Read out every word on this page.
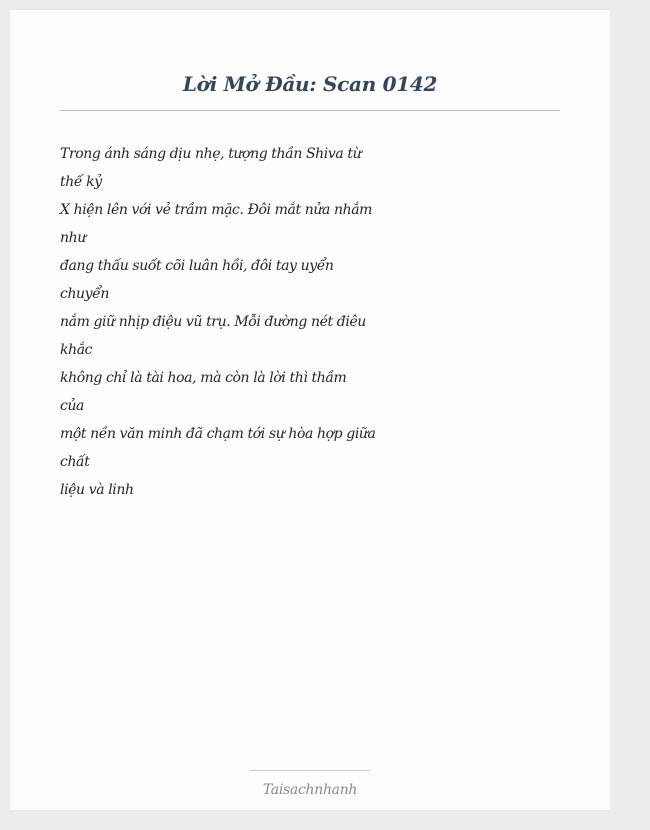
Lời Mở Đầu: Scan 0142
Trong ánh sáng dịu nhẹ, tượng thần Shiva từ
thế kỷ
X hiện lên với vẻ trầm mặc. Đôi mắt nửa nhắm
như
đang thấu suốt cõi luân hồi, đôi tay uyển
chuyển
nắm giữ nhịp điệu vũ trụ. Mỗi đường nét điêu
khắc
không chỉ là tài hoa, mà còn là lời thì thầm
của
một nền văn minh đã chạm tới sự hòa hợp giữa
chất
liệu và linh
Taisachnhanh
